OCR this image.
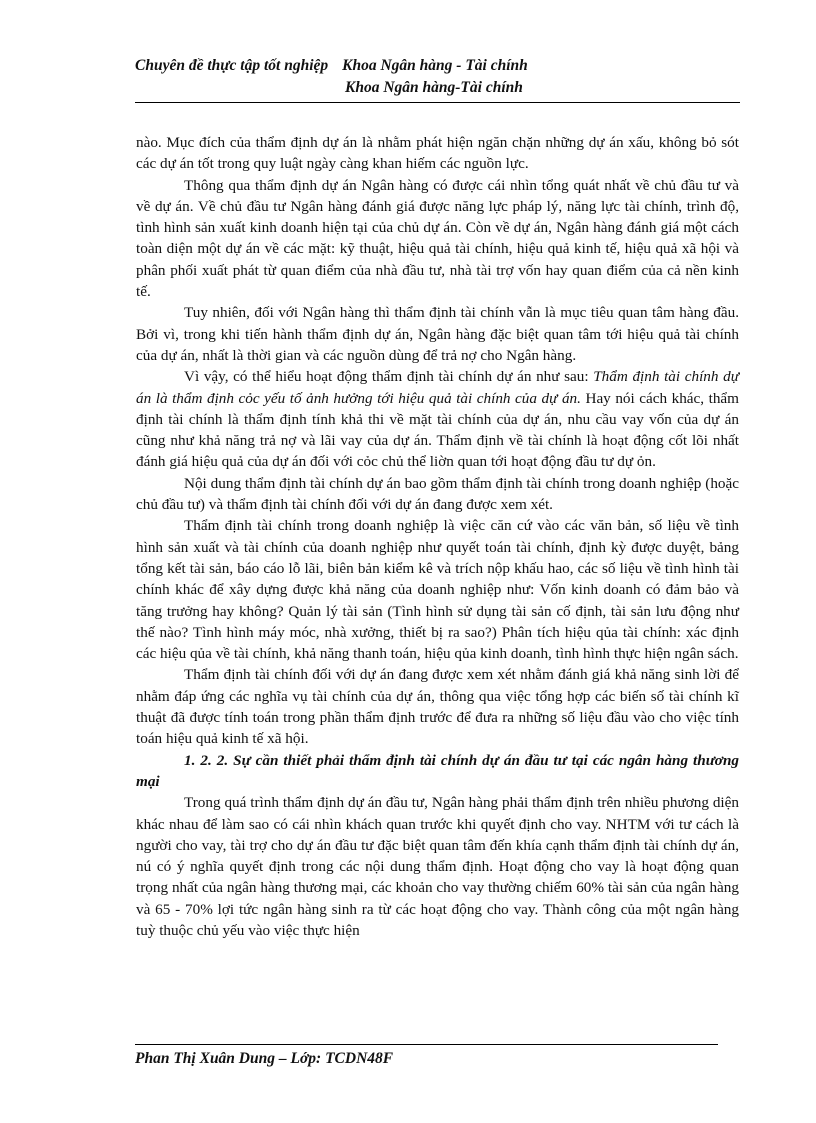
Chuyên đề thực tập tốt nghiệp Khoa Ngân hàng - Tài chính
Khoa Ngân hàng-Tài chính

nào. Mục đích của thẩm định dự án là nhằm phát hiện ngăn chặn những dự án xấu, không bỏ sót các dự án tốt trong quy luật ngày càng khan hiếm các nguồn lực.

Thông qua thẩm định dự án Ngân hàng có được cái nhìn tổng quát nhất về chủ đầu tư và về dự án. Về chủ đầu tư Ngân hàng đánh giá được năng lực pháp lý, năng lực tài chính, trình độ, tình hình sản xuất kinh doanh hiện tại của chủ dự án. Còn về dự án, Ngân hàng đánh giá một cách toàn diện một dự án về các mặt: kỹ thuật, hiệu quả tài chính, hiệu quả kinh tế, hiệu quả xã hội và phân phối xuất phát từ quan điểm của nhà đầu tư, nhà tài trợ vốn hay quan điểm của cả nền kinh tế.

Tuy nhiên, đối với Ngân hàng thì thẩm định tài chính vẫn là mục tiêu quan tâm hàng đầu. Bởi vì, trong khi tiến hành thẩm định dự án, Ngân hàng đặc biệt quan tâm tới hiệu quả tài chính của dự án, nhất là thời gian và các nguồn dùng để trả nợ cho Ngân hàng.

Vì vậy, có thể hiểu hoạt động thẩm định tài chính dự án như sau: Thẩm định tài chính dự án là thẩm định cỏc yếu tố ảnh hưởng tới hiệu quả tài chính của dự án. Hay nói cách khác, thẩm định tài chính là thẩm định tính khả thi về mặt tài chính của dự án, nhu cầu vay vốn của dự án cũng như khả năng trả nợ và lãi vay của dự án. Thẩm định về tài chính là hoạt động cốt lõi nhất đánh giá hiệu quả của dự án đối với cỏc chủ thể liờn quan tới hoạt động đầu tư dự ỏn.

Nội dung thẩm định tài chính dự án bao gồm thẩm định tài chính trong doanh nghiệp (hoặc chủ đầu tư) và thẩm định tài chính đối với dự án đang được xem xét.

Thẩm định tài chính trong doanh nghiệp là việc căn cứ vào các văn bản, số liệu về tình hình sản xuất và tài chính của doanh nghiệp như quyết toán tài chính, định kỳ được duyệt, bảng tổng kết tài sản, báo cáo lỗ lãi, biên bản kiểm kê và trích nộp khấu hao, các số liệu về tình hình tài chính khác để xây dựng được khả năng của doanh nghiệp như: Vốn kinh doanh có đảm bảo và tăng trưởng hay không? Quản lý tài sản (Tình hình sử dụng tài sản cố định, tài sản lưu động như thế nào? Tình hình máy móc, nhà xưởng, thiết bị ra sao?) Phân tích hiệu qủa tài chính: xác định các hiệu qủa về tài chính, khả năng thanh toán, hiệu qủa kinh doanh, tình hình thực hiện ngân sách.

Thẩm định tài chính đối với dự án đang được xem xét nhằm đánh giá khả năng sinh lời để nhằm đáp ứng các nghĩa vụ tài chính của dự án, thông qua việc tổng hợp các biến số tài chính kĩ thuật đã được tính toán trong phần thẩm định trước để đưa ra những số liệu đầu vào cho việc tính toán hiệu quả kinh tế xã hội.

1. 2. 2. Sự cần thiết phải thẩm định tài chính dự án đầu tư tại các ngân hàng thương mại

Trong quá trình thẩm định dự án đầu tư, Ngân hàng phải thẩm định trên nhiều phương diện khác nhau để làm sao có cái nhìn khách quan trước khi quyết định cho vay. NHTM với tư cách là người cho vay, tài trợ cho dự án đầu tư đặc biệt quan tâm đến khía cạnh thẩm định tài chính dự án, nú có ý nghĩa quyết định trong các nội dung thẩm định. Hoạt động cho vay là hoạt động quan trọng nhất của ngân hàng thương mại, các khoản cho vay thường chiếm 60% tài sản của ngân hàng và 65 - 70% lợi tức ngân hàng sinh ra từ các hoạt động cho vay. Thành công của một ngân hàng tuỳ thuộc chủ yếu vào việc thực hiện

Phan Thị Xuân Dung – Lớp: TCDN48F
